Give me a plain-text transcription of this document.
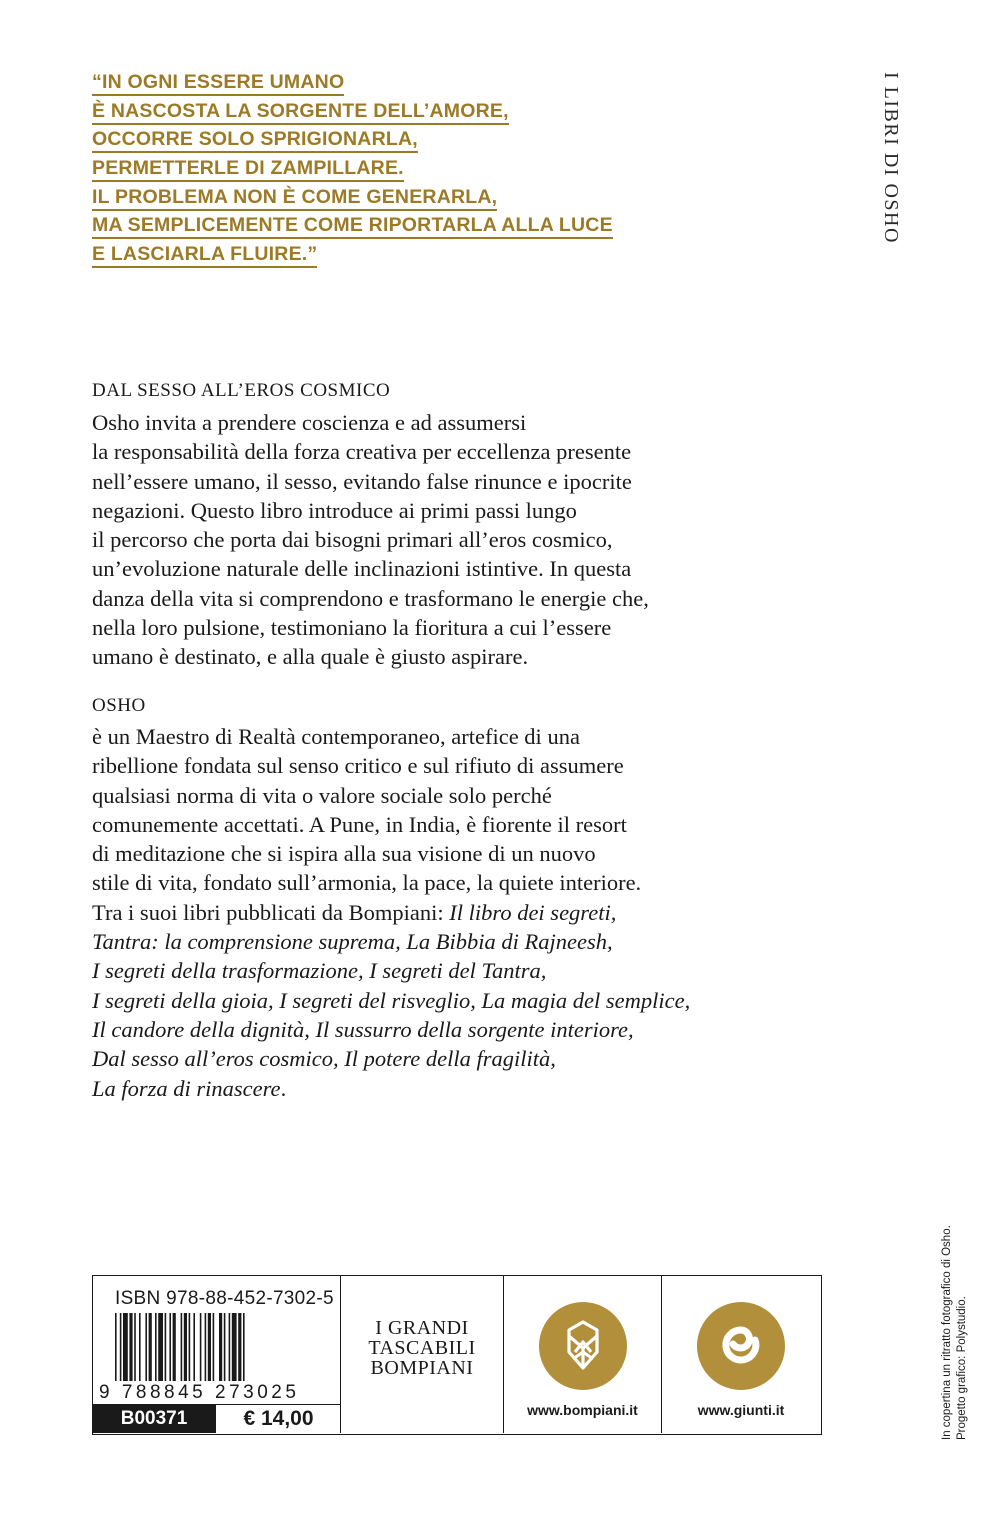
“IN OGNI ESSERE UMANO
È NASCOSTA LA SORGENTE DELL’AMORE,
OCCORRE SOLO SPRIGIONARLA,
PERMETTERLE DI ZAMPILLARE.
IL PROBLEMA NON È COME GENERARLA,
MA SEMPLICEMENTE COME RIPORTARLA ALLA LUCE
E LASCIARLA FLUIRE.”
I LIBRI DI OSHO
DAL SESSO ALL’EROS COSMICO
Osho invita a prendere coscienza e ad assumersi
la responsabilità della forza creativa per eccellenza presente
nell’essere umano, il sesso, evitando false rinunce e ipocrite
negazioni. Questo libro introduce ai primi passi lungo
il percorso che porta dai bisogni primari all’eros cosmico,
un’evoluzione naturale delle inclinazioni istintive. In questa
danza della vita si comprendono e trasformano le energie che,
nella loro pulsione, testimoniano la fioritura a cui l’essere
umano è destinato, e alla quale è giusto aspirare.
OSHO
è un Maestro di Realtà contemporaneo, artefice di una
ribellione fondata sul senso critico e sul rifiuto di assumere
qualsiasi norma di vita o valore sociale solo perché
comunemente accettati. A Pune, in India, è fiorente il resort
di meditazione che si ispira alla sua visione di un nuovo
stile di vita, fondato sull’armonia, la pace, la quiete interiore.
Tra i suoi libri pubblicati da Bompiani: Il libro dei segreti,
Tantra: la comprensione suprema, La Bibbia di Rajneesh,
I segreti della trasformazione, I segreti del Tantra,
I segreti della gioia, I segreti del risveglio, La magia del semplice,
Il candore della dignità, Il sussurro della sorgente interiore,
Dal sesso all’eros cosmico, Il potere della fragilità,
La forza di rinascere.
In copertina un ritratto fotografico di Osho. Progetto grafico: Polystudio.
ISBN 978-88-452-7302-5
9 788845 273025
B00371	€ 14,00
I GRANDI
TASCABILI
BOMPIANI
www.bompiani.it	www.giunti.it
